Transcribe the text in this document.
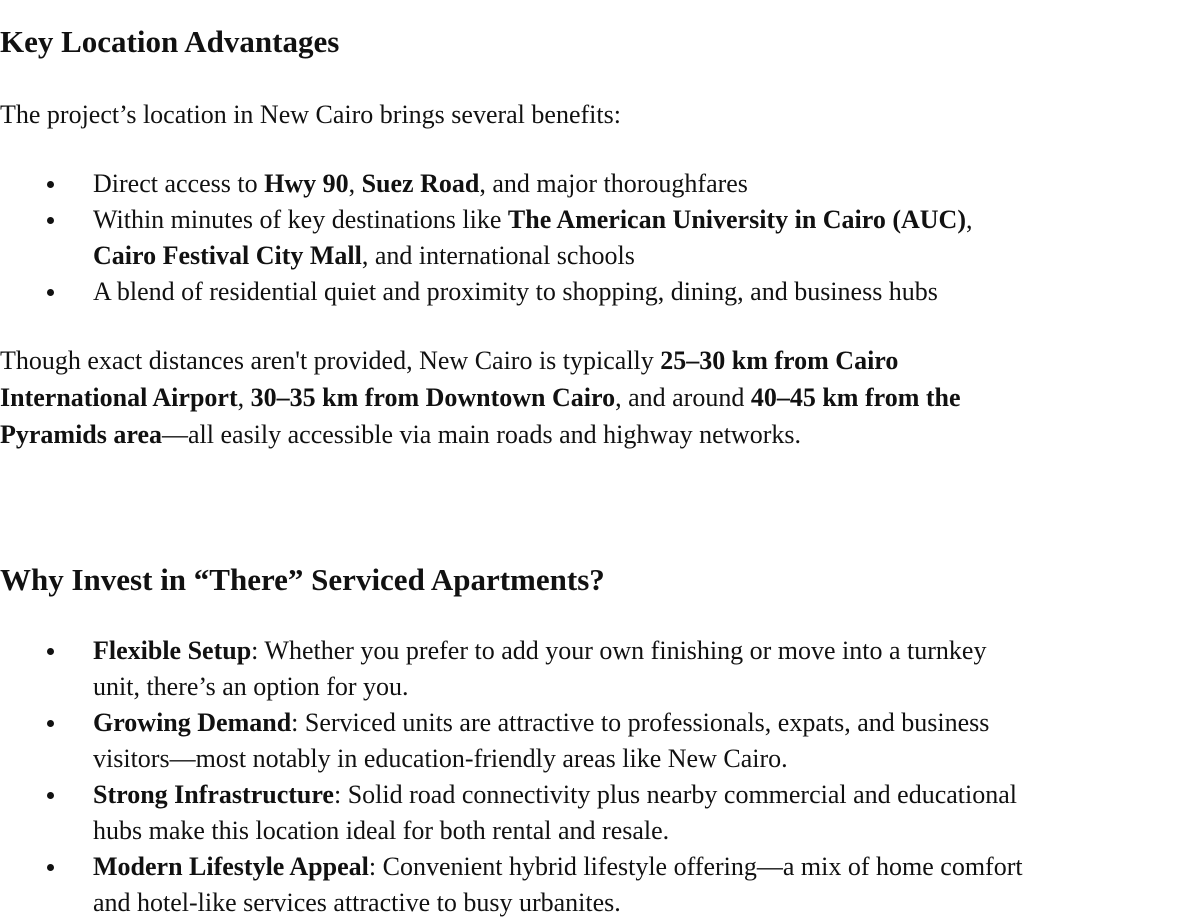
Key Location Advantages

The project’s location in New Cairo brings several benefits:

Direct access to Hwy 90, Suez Road, and major thoroughfares
Within minutes of key destinations like The American University in Cairo (AUC),
Cairo Festival City Mall, and international schools
A blend of residential quiet and proximity to shopping, dining, and business hubs

Though exact distances aren't provided, New Cairo is typically 25–30 km from Cairo
International Airport, 30–35 km from Downtown Cairo, and around 40–45 km from the
Pyramids area—all easily accessible via main roads and highway networks.

Why Invest in “There” Serviced Apartments?
Flexible Setup: Whether you prefer to add your own finishing or move into a turnkey
unit, there’s an option for you.
Growing Demand: Serviced units are attractive to professionals, expats, and business
visitors—most notably in education-friendly areas like New Cairo.
Strong Infrastructure: Solid road connectivity plus nearby commercial and educational
hubs make this location ideal for both rental and resale.
Modern Lifestyle Appeal: Convenient hybrid lifestyle offering—a mix of home comfort
and hotel-like services attractive to busy urbanites.
